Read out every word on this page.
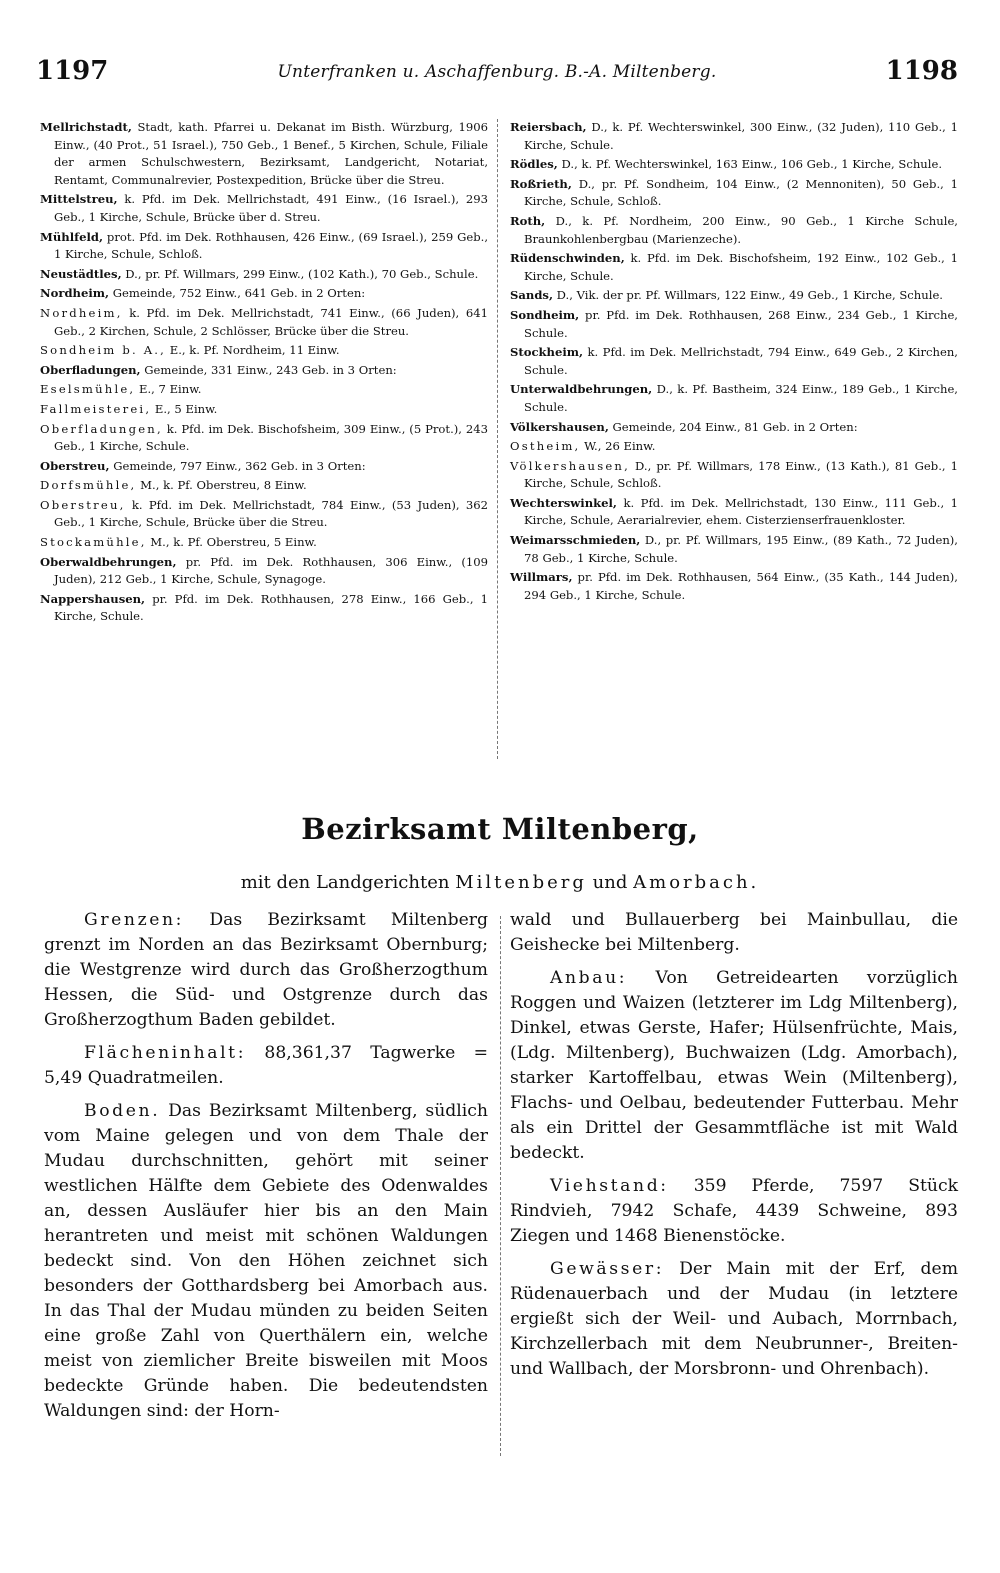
1197	Unterfranken u. Aschaffenburg. B.-A. Miltenberg.	1198

Mellrichstadt, Stadt, kath. Pfarrei u. Dekanat im Bisth. Würzburg, 1906 Einw., (40 Prot., 51 Israel.), 750 Geb., 1 Benef., 5 Kirchen, Schule, Filiale der armen Schulschwestern, Bezirksamt, Landgericht, Notariat, Rentamt, Communalrevier, Postexpedition, Brücke über die Streu.

Mittelstreu, k. Pfd. im Dek. Mellrichstadt, 491 Einw., (16 Israel.), 293 Geb., 1 Kirche, Schule, Brücke über d. Streu.

Mühlfeld, prot. Pfd. im Dek. Rothhausen, 426 Einw., (69 Israel.), 259 Geb., 1 Kirche, Schule, Schloß.

Neustädtles, D., pr. Pf. Willmars, 299 Einw., (102 Kath.), 70 Geb., Schule.

Nordheim, Gemeinde, 752 Einw., 641 Geb. in 2 Orten:

Nordheim, k. Pfd. im Dek. Mellrichstadt, 741 Einw., (66 Juden), 641 Geb., 2 Kirchen, Schule, 2 Schlösser, Brücke über die Streu.

Sondheim b. A., E., k. Pf. Nordheim, 11 Einw.

Oberfladungen, Gemeinde, 331 Einw., 243 Geb. in 3 Orten:

Eselsmühle, E., 7 Einw.

Fallmeisterei, E., 5 Einw.

Oberfladungen, k. Pfd. im Dek. Bischofsheim, 309 Einw., (5 Prot.), 243 Geb., 1 Kirche, Schule.

Oberstreu, Gemeinde, 797 Einw., 362 Geb. in 3 Orten:

Dorfsmühle, M., k. Pf. Oberstreu, 8 Einw.

Oberstreu, k. Pfd. im Dek. Mellrichstadt, 784 Einw., (53 Juden), 362 Geb., 1 Kirche, Schule, Brücke über die Streu.

Stockamühle, M., k. Pf. Oberstreu, 5 Einw.

Oberwaldbehrungen, pr. Pfd. im Dek. Rothhausen, 306 Einw., (109 Juden), 212 Geb., 1 Kirche, Schule, Synagoge.

Nappershausen, pr. Pfd. im Dek. Rothhausen, 278 Einw., 166 Geb., 1 Kirche, Schule.

Reiersbach, D., k. Pf. Wechterswinkel, 300 Einw., (32 Juden), 110 Geb., 1 Kirche, Schule.

Rödles, D., k. Pf. Wechterswinkel, 163 Einw., 106 Geb., 1 Kirche, Schule.

Roßrieth, D., pr. Pf. Sondheim, 104 Einw., (2 Mennoniten), 50 Geb., 1 Kirche, Schule, Schloß.

Roth, D., k. Pf. Nordheim, 200 Einw., 90 Geb., 1 Kirche Schule, Braunkohlenbergbau (Marienzeche).

Rüdenschwinden, k. Pfd. im Dek. Bischofsheim, 192 Einw., 102 Geb., 1 Kirche, Schule.

Sands, D., Vik. der pr. Pf. Willmars, 122 Einw., 49 Geb., 1 Kirche, Schule.

Sondheim, pr. Pfd. im Dek. Rothhausen, 268 Einw., 234 Geb., 1 Kirche, Schule.

Stockheim, k. Pfd. im Dek. Mellrichstadt, 794 Einw., 649 Geb., 2 Kirchen, Schule.

Unterwaldbehrungen, D., k. Pf. Bastheim, 324 Einw., 189 Geb., 1 Kirche, Schule.

Völkershausen, Gemeinde, 204 Einw., 81 Geb. in 2 Orten:

Ostheim, W., 26 Einw.

Völkershausen, D., pr. Pf. Willmars, 178 Einw., (13 Kath.), 81 Geb., 1 Kirche, Schule, Schloß.

Wechterswinkel, k. Pfd. im Dek. Mellrichstadt, 130 Einw., 111 Geb., 1 Kirche, Schule, Aerarialrevier, ehem. Cisterzienserfrauenkloster.

Weimarsschmieden, D., pr. Pf. Willmars, 195 Einw., (89 Kath., 72 Juden), 78 Geb., 1 Kirche, Schule.

Willmars, pr. Pfd. im Dek. Rothhausen, 564 Einw., (35 Kath., 144 Juden), 294 Geb., 1 Kirche, Schule.

Bezirksamt Miltenberg,
mit den Landgerichten Miltenberg und Amorbach.

Grenzen: Das Bezirksamt Miltenberg grenzt im Norden an das Bezirksamt Obernburg; die Westgrenze wird durch das Großherzogthum Hessen, die Süd- und Ostgrenze durch das Großherzogthum Baden gebildet.

Flächeninhalt: 88,361,37 Tagwerke = 5,49 Quadratmeilen.

Boden. Das Bezirksamt Miltenberg, südlich vom Maine gelegen und von dem Thale der Mudau durchschnitten, gehört mit seiner westlichen Hälfte dem Gebiete des Odenwaldes an, dessen Ausläufer hier bis an den Main herantreten und meist mit schönen Waldungen bedeckt sind. Von den Höhen zeichnet sich besonders der Gotthardsberg bei Amorbach aus. In das Thal der Mudau münden zu beiden Seiten eine große Zahl von Querthälern ein, welche meist von ziemlicher Breite bisweilen mit Moos bedeckte Gründe haben. Die bedeutendsten Waldungen sind: der Horn-

wald und Bullauerberg bei Mainbullau, die Geishecke bei Miltenberg.

Anbau: Von Getreidearten vorzüglich Roggen und Waizen (letzterer im Ldg Miltenberg), Dinkel, etwas Gerste, Hafer; Hülsenfrüchte, Mais, (Ldg. Miltenberg), Buchwaizen (Ldg. Amorbach), starker Kartoffelbau, etwas Wein (Miltenberg), Flachs- und Oelbau, bedeutender Futterbau. Mehr als ein Drittel der Gesammtfläche ist mit Wald bedeckt.

Viehstand: 359 Pferde, 7597 Stück Rindvieh, 7942 Schafe, 4439 Schweine, 893 Ziegen und 1468 Bienenstöcke.

Gewässer: Der Main mit der Erf, dem Rüdenauerbach und der Mudau (in letztere ergießt sich der Weil- und Aubach, Morrnbach, Kirchzellerbach mit dem Neubrunner-, Breiten- und Wallbach, der Morsbronn- und Ohrenbach).
